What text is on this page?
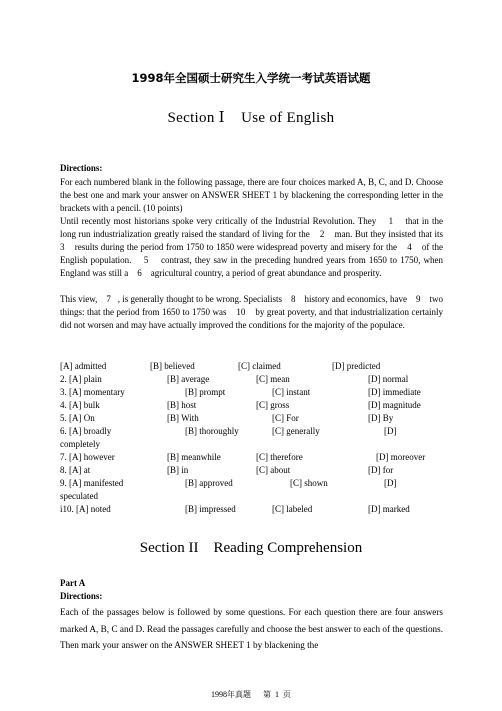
1998年全国硕士研究生入学统一考试英语试题
Section Ⅰ    Use of English
Directions:

For each numbered blank in the following passage, there are four choices marked A, B, C, and D. Choose the best one and mark your answer on ANSWER SHEET 1 by blackening the corresponding letter in the brackets with a pencil. (10 points)

Until recently most historians spoke very critically of the Industrial Revolution. They    1    that in the long run industrialization greatly raised the standard of living for the    2    man. But they insisted that its    3    results during the period from 1750 to 1850 were widespread poverty and misery for the    4    of the English population.    5    contrast, they saw in the preceding hundred years from 1650 to 1750, when England was still a    6    agricultural country, a period of great abundance and prosperity.

This view,    7   , is generally thought to be wrong. Specialists    8    history and economics, have    9    two things: that the period from 1650 to 1750 was    10    by great poverty, and that industrialization certainly did not worsen and may have actually improved the conditions for the majority of the populace.

[A] admitted	[B] believed	[C] claimed	[D] predicted
2. [A] plain	[B] average	[C] mean	[D] normal
3. [A] momentary	[B] prompt	[C] instant	[D] immediate
4. [A] bulk	[B] host	[C] gross	[D] magnitude
5. [A] On	[B] With	[C] For	[D] By
6. [A] broadly	[B] thoroughly	[C] generally	[D]
completely
7. [A] however	[B] meanwhile	[C] therefore	[D] moreover
8. [A] at	[B] in	[C] about	[D] for
9. [A] manifested	[B] approved	[C] shown	[D]
speculated
i10. [A] noted	[B] impressed	[C] labeled	[D] marked
Section II    Reading Comprehension
Part A
Directions:

Each of the passages below is followed by some questions. For each question there are four answers marked A, B, C and D. Read the passages carefully and choose the best answer to each of the questions. Then mark your answer on the ANSWER SHEET 1 by blackening the

1998年真题      第  1  页
